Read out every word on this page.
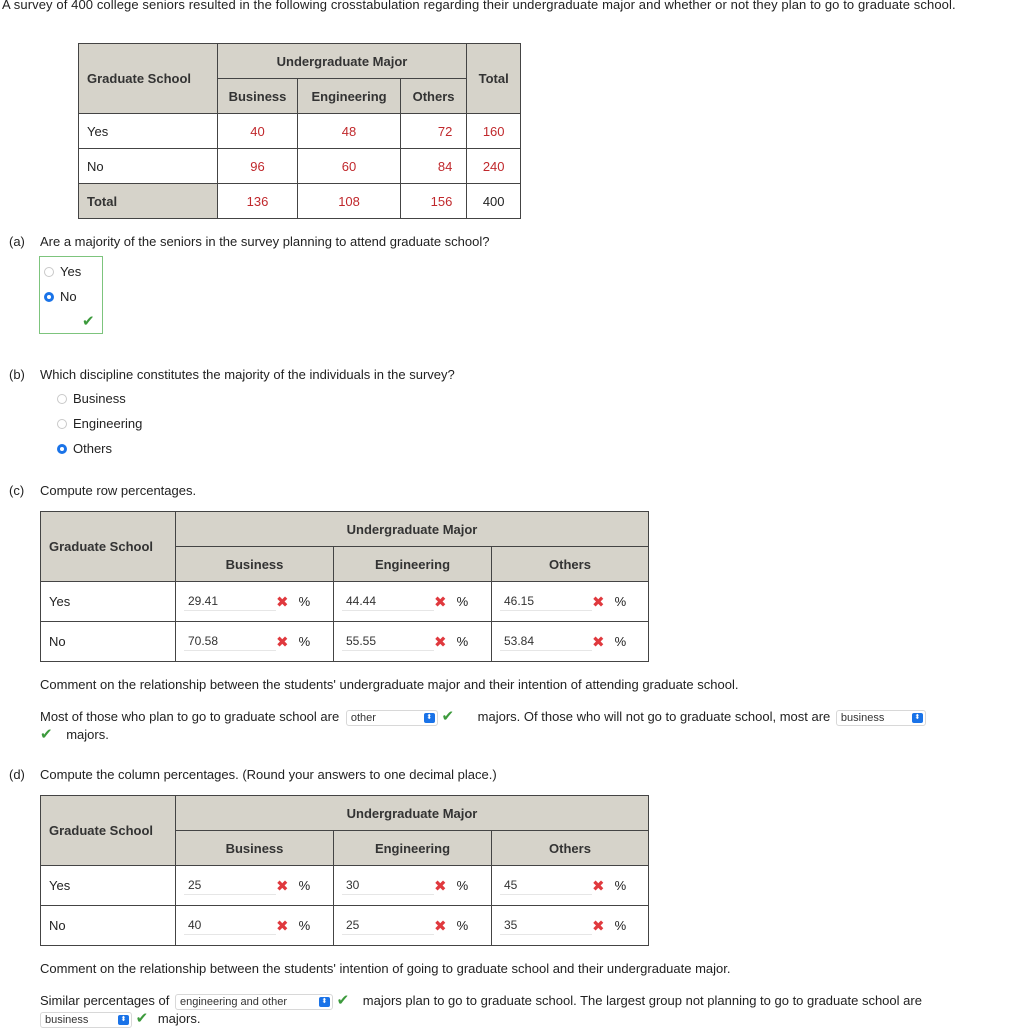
A survey of 400 college seniors resulted in the following crosstabulation regarding their undergraduate major and whether or not they plan to go to graduate school.
Graduate School	Undergraduate Major			Total
	Business	Engineering	Others	
Yes	40	48	72	160
No	96	60	84	240
Total	136	108	156	400
(a) Are a majority of the seniors in the survey planning to attend graduate school?
Yes
No
✔
(b) Which discipline constitutes the majority of the individuals in the survey?
Business
Engineering
Others
(c) Compute row percentages.
Graduate School	Undergraduate Major		
	Business	Engineering	Others
Yes	
29.41✖ %

44.44✖ %

46.15✖ %

No	
70.58✖ %

55.55✖ %

53.84✖ %
Comment on the relationship between the students' undergraduate major and their intention of attending graduate school.
Most of those who plan to go to graduate school are other	⬍ ✔ majors. Of those who will not go to graduate school, most are business	⬍
✔ majors.
(d) Compute the column percentages. (Round your answers to one decimal place.)
Graduate School	Undergraduate Major		
	Business	Engineering	Others
Yes	
25✖ %

30✖ %

45✖ %

No	
40✖ %

25✖ %

35✖ %
Comment on the relationship between the students' intention of going to graduate school and their undergraduate major.
Similar percentages of engineering and other	⬍ ✔ majors plan to go to graduate school. The largest group not planning to go to graduate school are
business	⬍ ✔ majors.
